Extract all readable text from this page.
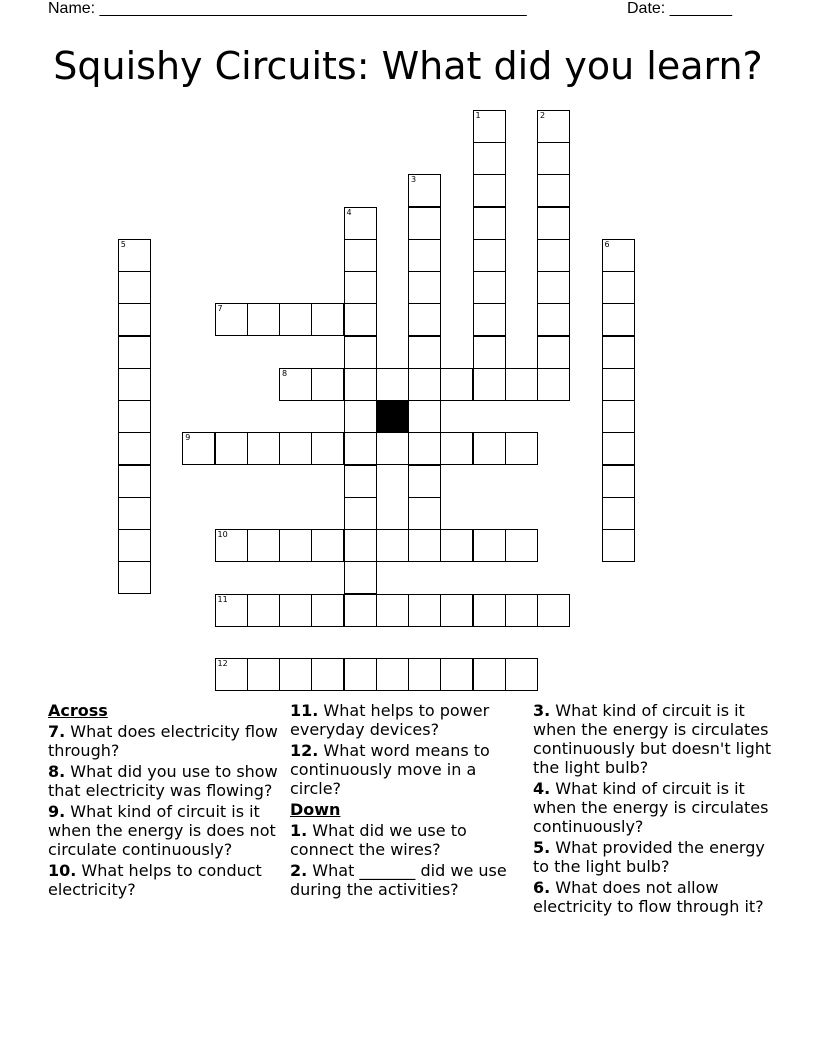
Name: ________________________________________________	Date: _______
Squishy Circuits: What did you learn?
1	2
3
4
5	6
7
8
9
10
11
12
Across
7. What does electricity flow through?
8. What did you use to show that electricity was flowing?
9. What kind of circuit is it when the energy is does not circulate continuously?
10. What helps to conduct electricity?
11. What helps to power everyday devices?
12. What word means to continuously move in a circle?
Down
1. What did we use to connect the wires?
2. What _______ did we use during the activities?
3. What kind of circuit is it when the energy is circulates continuously but doesn't light the light bulb?
4. What kind of circuit is it when the energy is circulates continuously?
5. What provided the energy to the light bulb?
6. What does not allow electricity to flow through it?
